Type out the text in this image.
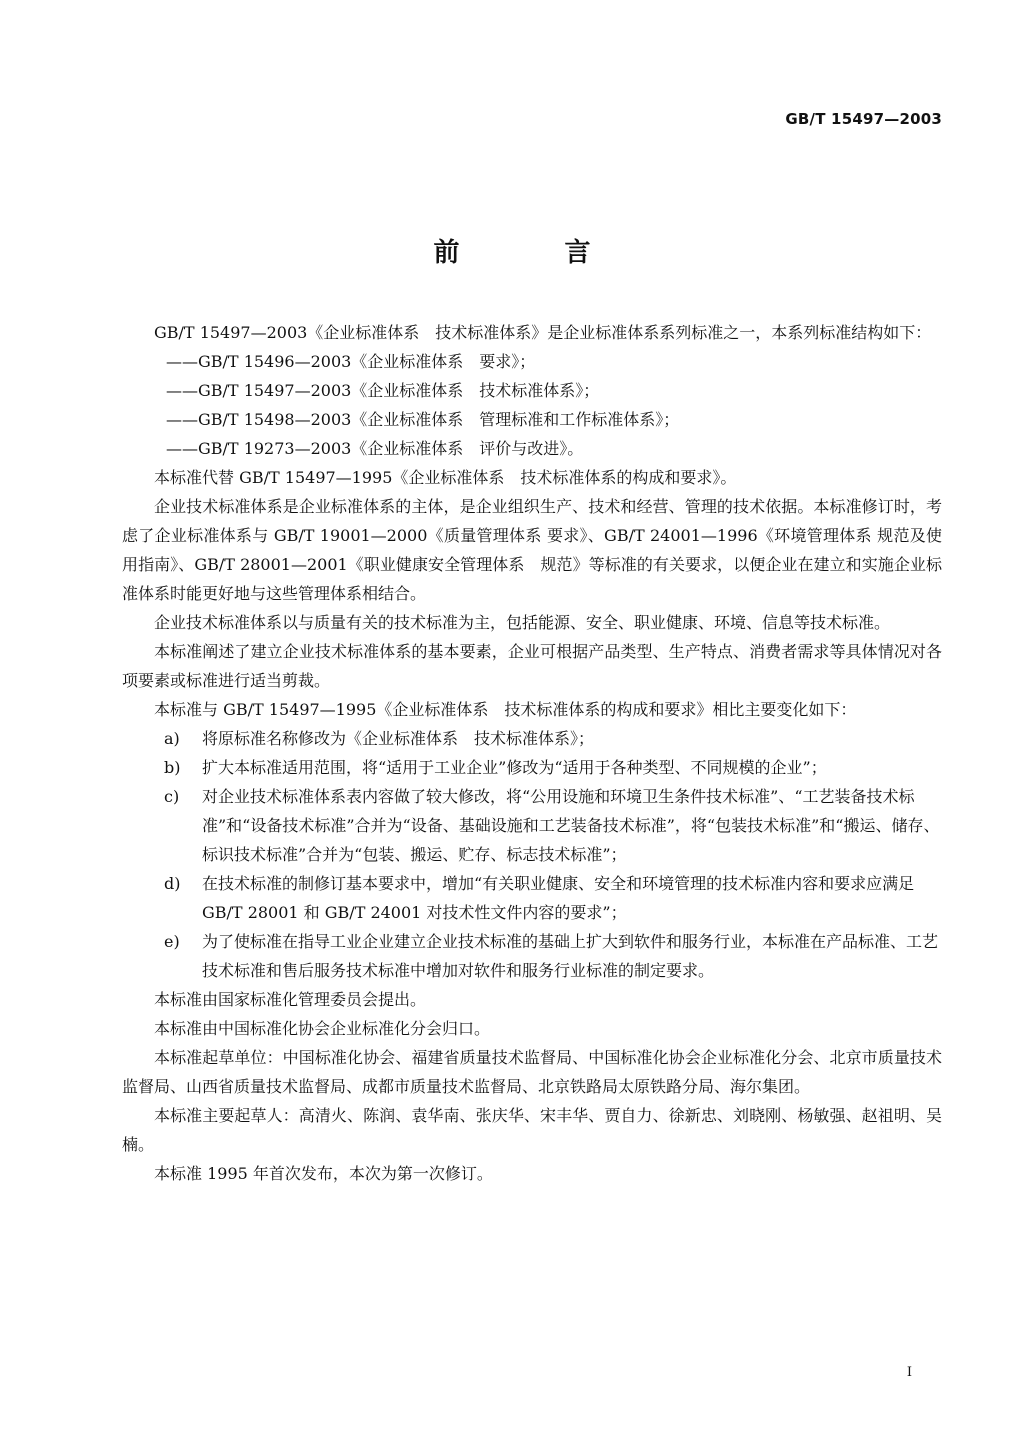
GB/T 15497—2003
前 言

GB/T 15497—2003《企业标准体系　技术标准体系》是企业标准体系系列标准之一，本系列标准结构如下：

——GB/T 15496—2003《企业标准体系　要求》；

——GB/T 15497—2003《企业标准体系　技术标准体系》；

——GB/T 15498—2003《企业标准体系　管理标准和工作标准体系》；

——GB/T 19273—2003《企业标准体系　评价与改进》。

本标准代替 GB/T 15497—1995《企业标准体系　技术标准体系的构成和要求》。

企业技术标准体系是企业标准体系的主体，是企业组织生产、技术和经营、管理的技术依据。本标准修订时，考虑了企业标准体系与 GB/T 19001—2000《质量管理体系 要求》、GB/T 24001—1996《环境管理体系 规范及使用指南》、GB/T 28001—2001《职业健康安全管理体系　规范》等标准的有关要求，以便企业在建立和实施企业标准体系时能更好地与这些管理体系相结合。

企业技术标准体系以与质量有关的技术标准为主，包括能源、安全、职业健康、环境、信息等技术标准。

本标准阐述了建立企业技术标准体系的基本要素，企业可根据产品类型、生产特点、消费者需求等具体情况对各项要素或标准进行适当剪裁。

本标准与 GB/T 15497—1995《企业标准体系　技术标准体系的构成和要求》相比主要变化如下：

a)	将原标准名称修改为《企业标准体系　技术标准体系》；
b)	扩大本标准适用范围，将“适用于工业企业”修改为“适用于各种类型、不同规模的企业”；
c)	对企业技术标准体系表内容做了较大修改，将“公用设施和环境卫生条件技术标准”、“工艺装备技术标准”和“设备技术标准”合并为“设备、基础设施和工艺装备技术标准”，将“包装技术标准”和“搬运、储存、标识技术标准”合并为“包装、搬运、贮存、标志技术标准”；
d)	在技术标准的制修订基本要求中，增加“有关职业健康、安全和环境管理的技术标准内容和要求应满足 GB/T 28001 和 GB/T 24001 对技术性文件内容的要求”；
e)	为了使标准在指导工业企业建立企业技术标准的基础上扩大到软件和服务行业，本标准在产品标准、工艺技术标准和售后服务技术标准中增加对软件和服务行业标准的制定要求。

本标准由国家标准化管理委员会提出。

本标准由中国标准化协会企业标准化分会归口。

本标准起草单位：中国标准化协会、福建省质量技术监督局、中国标准化协会企业标准化分会、北京市质量技术监督局、山西省质量技术监督局、成都市质量技术监督局、北京铁路局太原铁路分局、海尔集团。

本标准主要起草人：高清火、陈润、袁华南、张庆华、宋丰华、贾自力、徐新忠、刘晓刚、杨敏强、赵祖明、吴楠。

本标准 1995 年首次发布，本次为第一次修订。

I
